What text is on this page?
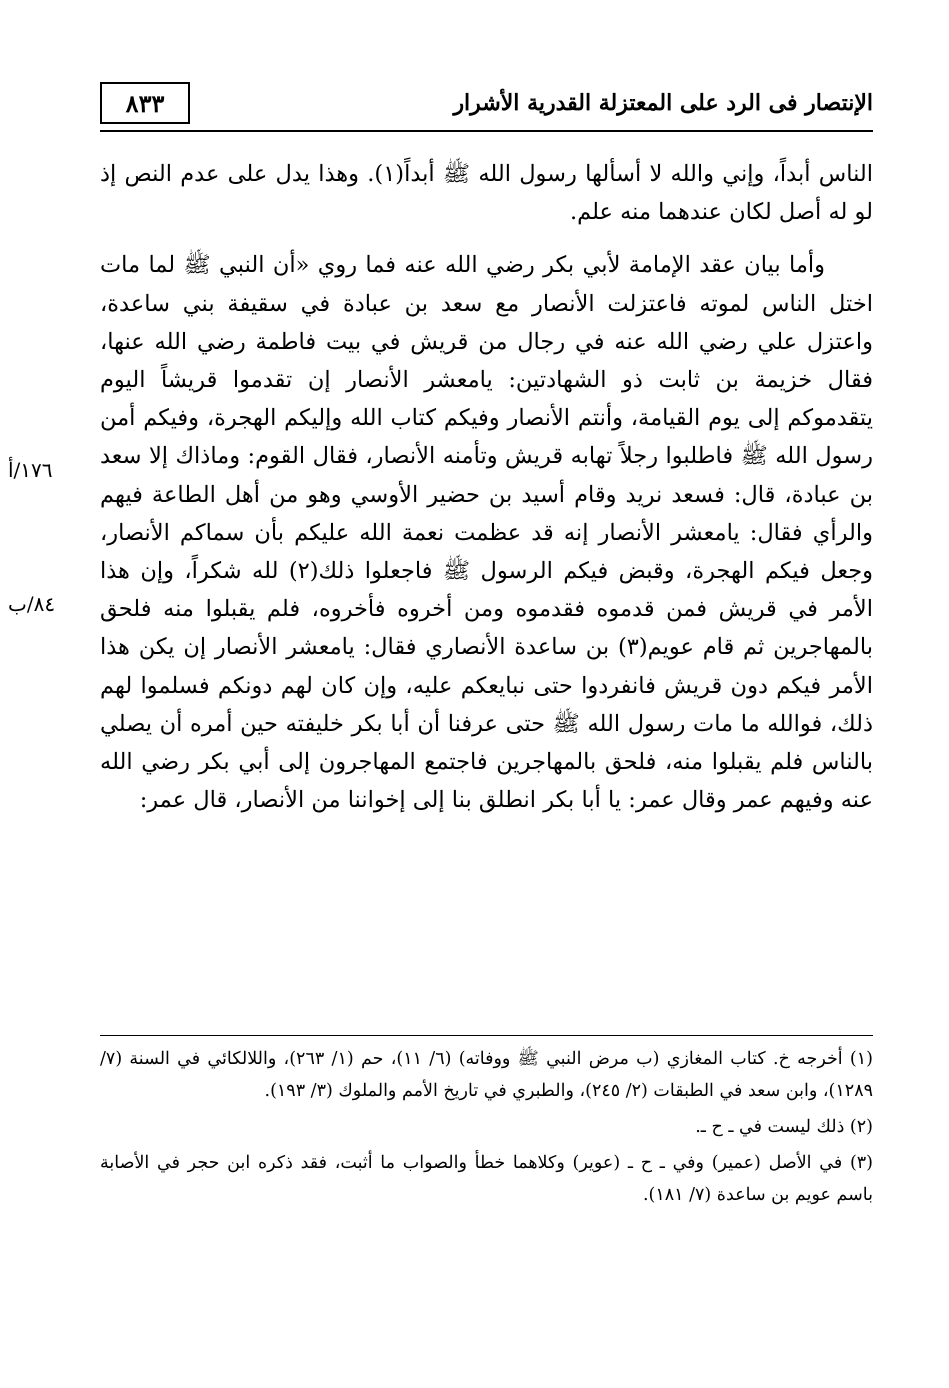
٨٣٣	الإنتصار فى الرد على المعتزلة القدرية الأشرار

الناس أبداً، وإني والله لا أسألها رسول الله ﷺ أبداً(١). وهذا يدل على عدم النص إذ لو له أصل لكان عندهما منه علم.

وأما بيان عقد الإمامة لأبي بكر رضي الله عنه فما روي «أن النبي ﷺ لما مات اختل الناس لموته فاعتزلت الأنصار مع سعد بن عبادة في سقيفة بني ساعدة، واعتزل علي رضي الله عنه في رجال من قريش في بيت فاطمة رضي الله عنها، فقال خزيمة بن ثابت ذو الشهادتين: يامعشر الأنصار إن تقدموا قريشاً اليوم يتقدموكم إلى يوم القيامة، وأنتم الأنصار وفيكم كتاب الله وإليكم الهجرة، وفيكم أمن رسول الله ﷺ فاطلبوا رجلاً تهابه قريش وتأمنه الأنصار، فقال القوم: وماذاك إلا سعد بن عبادة، قال: فسعد نريد وقام أسيد بن حضير الأوسي وهو من أهل الطاعة فيهم والرأي فقال: يامعشر الأنصار إنه قد عظمت نعمة الله عليكم بأن سماكم الأنصار، وجعل فيكم الهجرة، وقبض فيكم الرسول ﷺ فاجعلوا ذلك(٢) لله شكراً، وإن هذا الأمر في قريش فمن قدموه فقدموه ومن أخروه فأخروه، فلم يقبلوا منه فلحق بالمهاجرين ثم قام عويم(٣) بن ساعدة الأنصاري فقال: يامعشر الأنصار إن يكن هذا الأمر فيكم دون قريش فانفردوا حتى نبايعكم عليه، وإن كان لهم دونكم فسلموا لهم ذلك، فوالله ما مات رسول الله ﷺ حتى عرفنا أن أبا بكر خليفته حين أمره أن يصلي بالناس فلم يقبلوا منه، فلحق بالمهاجرين فاجتمع المهاجرون إلى أبي بكر رضي الله عنه وفيهم عمر وقال عمر: يا أبا بكر انطلق بنا إلى إخواننا من الأنصار، قال عمر:

١٧٦/أ
٨٤/ب

(١) أخرجه خ. كتاب المغازي (ب مرض النبي ﷺ ووفاته) (٦/ ١١)، حم (١/ ٢٦٣)، واللالكائي في السنة (٧/ ١٢٨٩)، وابن سعد في الطبقات (٢/ ٢٤٥)، والطبري في تاريخ الأمم والملوك (٣/ ١٩٣).

(٢) ذلك ليست في ـ ح ـ.

(٣) في الأصل (عمير) وفي ـ ح ـ (عوير) وكلاهما خطأ والصواب ما أثبت، فقد ذكره ابن حجر في الأصابة باسم عويم بن ساعدة (٧/ ١٨١).
